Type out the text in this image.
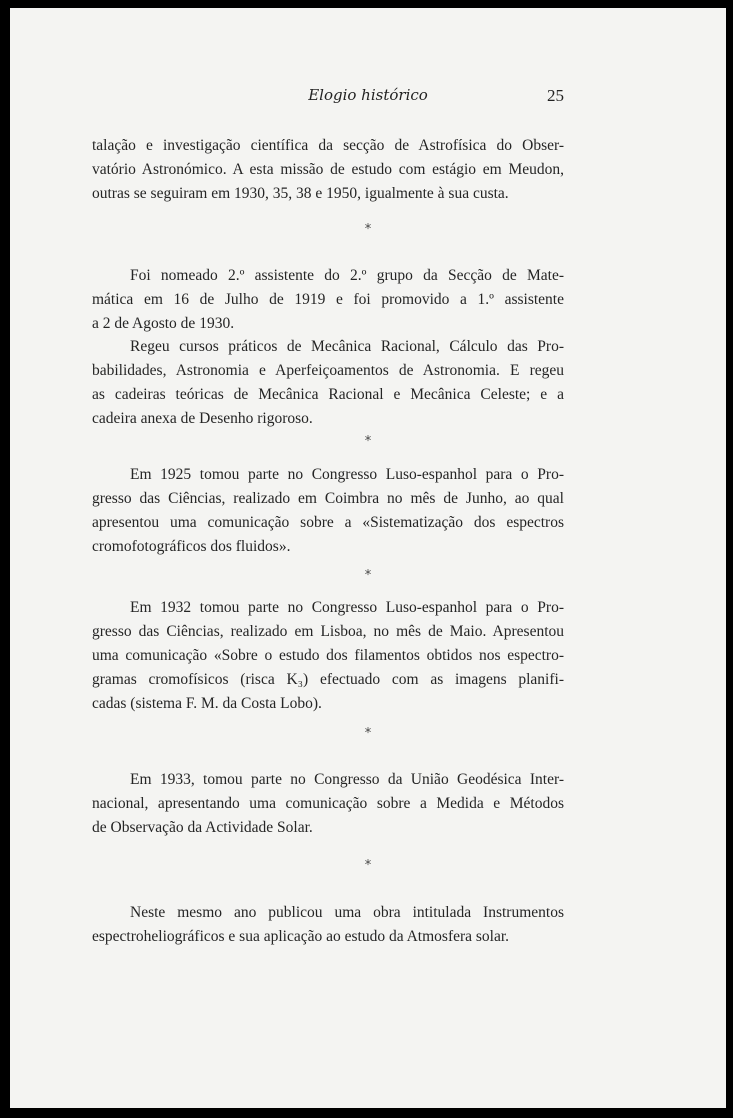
Elogio histórico	25
talação e investigação científica da secção de Astrofísica do Obser-
vatório Astronómico. A esta missão de estudo com estágio em Meudon,
outras se seguiram em 1930, 35, 38 e 1950, igualmente à sua custa.
*
Foi nomeado 2.º assistente do 2.º grupo da Secção de Mate-
mática em 16 de Julho de 1919 e foi promovido a 1.º assistente
a 2 de Agosto de 1930.
Regeu cursos práticos de Mecânica Racional, Cálculo das Pro-
babilidades, Astronomia e Aperfeiçoamentos de Astronomia. E regeu
as cadeiras teóricas de Mecânica Racional e Mecânica Celeste; e a
cadeira anexa de Desenho rigoroso.
*
Em 1925 tomou parte no Congresso Luso-espanhol para o Pro-
gresso das Ciências, realizado em Coimbra no mês de Junho, ao qual
apresentou uma comunicação sobre a «Sistematização dos espectros
cromofotográficos dos fluidos».
*
Em 1932 tomou parte no Congresso Luso-espanhol para o Pro-
gresso das Ciências, realizado em Lisboa, no mês de Maio. Apresentou
uma comunicação «Sobre o estudo dos filamentos obtidos nos espectro-
gramas cromofísicos (risca K₃) efectuado com as imagens planifi-
cadas (sistema F. M. da Costa Lobo).
*
Em 1933, tomou parte no Congresso da União Geodésica Inter-
nacional, apresentando uma comunicação sobre a Medida e Métodos
de Observação da Actividade Solar.
*
Neste mesmo ano publicou uma obra intitulada Instrumentos
espectroheliográficos e sua aplicação ao estudo da Atmosfera solar.
